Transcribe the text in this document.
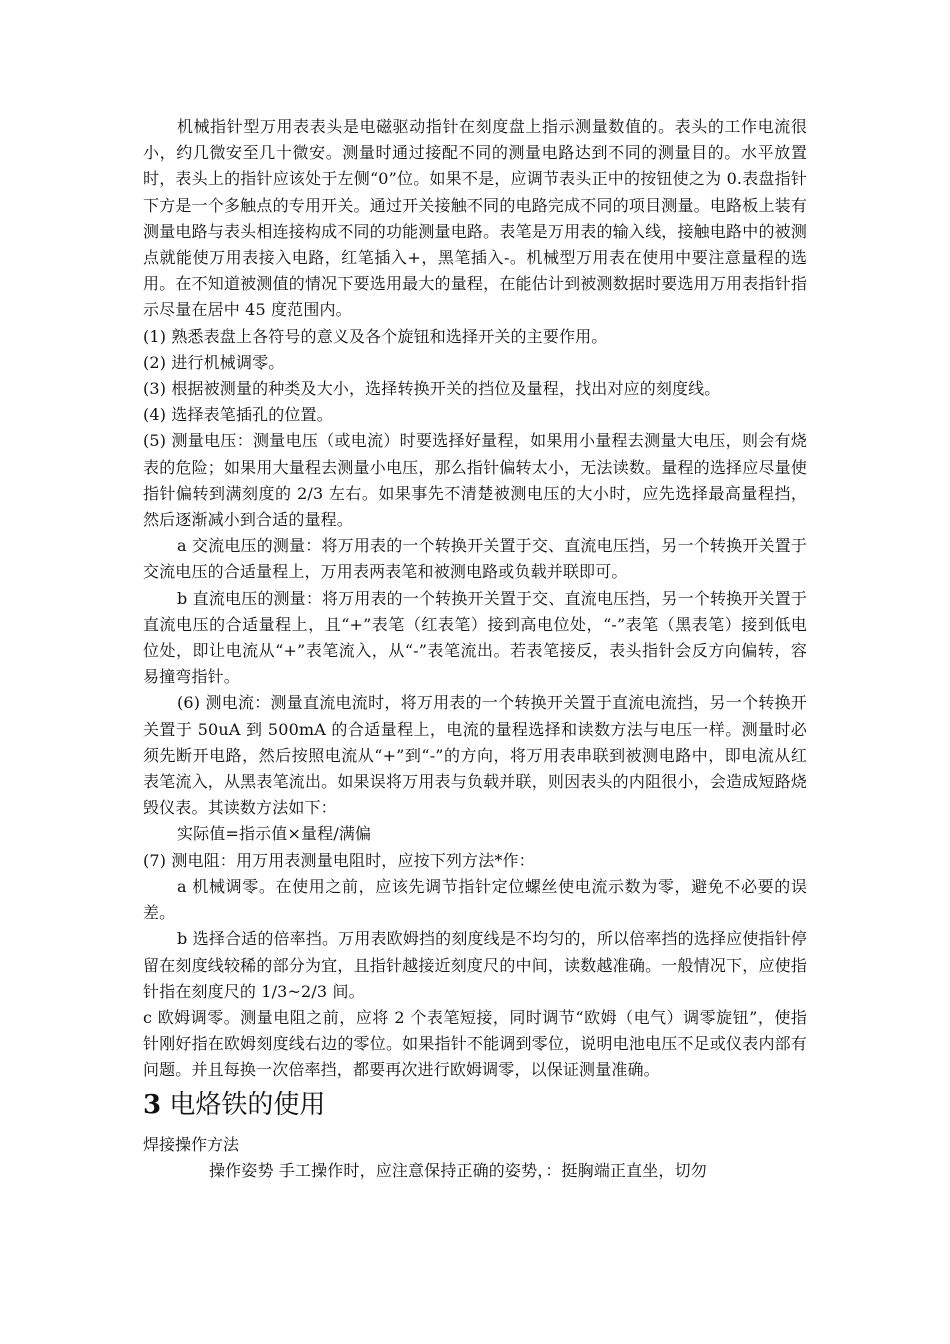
机械指针型万用表表头是电磁驱动指针在刻度盘上指示测量数值的。表头的工作电流很小，约几微安至几十微安。测量时通过接配不同的测量电路达到不同的测量目的。水平放置时，表头上的指针应该处于左侧“0”位。如果不是，应调节表头正中的按钮使之为 0.表盘指针下方是一个多触点的专用开关。通过开关接触不同的电路完成不同的项目测量。电路板上装有测量电路与表头相连接构成不同的功能测量电路。表笔是万用表的输入线，接触电路中的被测点就能使万用表接入电路，红笔插入+，黑笔插入-。机械型万用表在使用中要注意量程的选用。在不知道被测值的情况下要选用最大的量程，在能估计到被测数据时要选用万用表指针指示尽量在居中 45 度范围内。

(1) 熟悉表盘上各符号的意义及各个旋钮和选择开关的主要作用。

(2) 进行机械调零。

(3) 根据被测量的种类及大小，选择转换开关的挡位及量程，找出对应的刻度线。

(4) 选择表笔插孔的位置。

(5) 测量电压：测量电压（或电流）时要选择好量程，如果用小量程去测量大电压，则会有烧表的危险；如果用大量程去测量小电压，那么指针偏转太小，无法读数。量程的选择应尽量使指针偏转到满刻度的 2/3 左右。如果事先不清楚被测电压的大小时，应先选择最高量程挡，然后逐渐减小到合适的量程。

a 交流电压的测量：将万用表的一个转换开关置于交、直流电压挡，另一个转换开关置于交流电压的合适量程上，万用表两表笔和被测电路或负载并联即可。

b 直流电压的测量：将万用表的一个转换开关置于交、直流电压挡，另一个转换开关置于直流电压的合适量程上，且“+”表笔（红表笔）接到高电位处，“-”表笔（黑表笔）接到低电位处，即让电流从“+”表笔流入，从“-”表笔流出。若表笔接反，表头指针会反方向偏转，容易撞弯指针。

(6) 测电流：测量直流电流时，将万用表的一个转换开关置于直流电流挡，另一个转换开关置于 50uA 到 500mA 的合适量程上，电流的量程选择和读数方法与电压一样。测量时必须先断开电路，然后按照电流从“+”到“-”的方向，将万用表串联到被测电路中，即电流从红表笔流入，从黑表笔流出。如果误将万用表与负载并联，则因表头的内阻很小，会造成短路烧毁仪表。其读数方法如下：

实际值=指示值×量程/满偏

(7) 测电阻：用万用表测量电阻时，应按下列方法*作：

a 机械调零。在使用之前，应该先调节指针定位螺丝使电流示数为零，避免不必要的误差。

b 选择合适的倍率挡。万用表欧姆挡的刻度线是不均匀的，所以倍率挡的选择应使指针停留在刻度线较稀的部分为宜，且指针越接近刻度尺的中间，读数越准确。一般情况下，应使指针指在刻度尺的 1/3~2/3 间。

c 欧姆调零。测量电阻之前，应将 2 个表笔短接，同时调节“欧姆（电气）调零旋钮”，使指针刚好指在欧姆刻度线右边的零位。如果指针不能调到零位，说明电池电压不足或仪表内部有问题。并且每换一次倍率挡，都要再次进行欧姆调零，以保证测量准确。

3 电烙铁的使用

焊接操作方法

操作姿势 手工操作时，应注意保持正确的姿势，：挺胸端正直坐，切勿
